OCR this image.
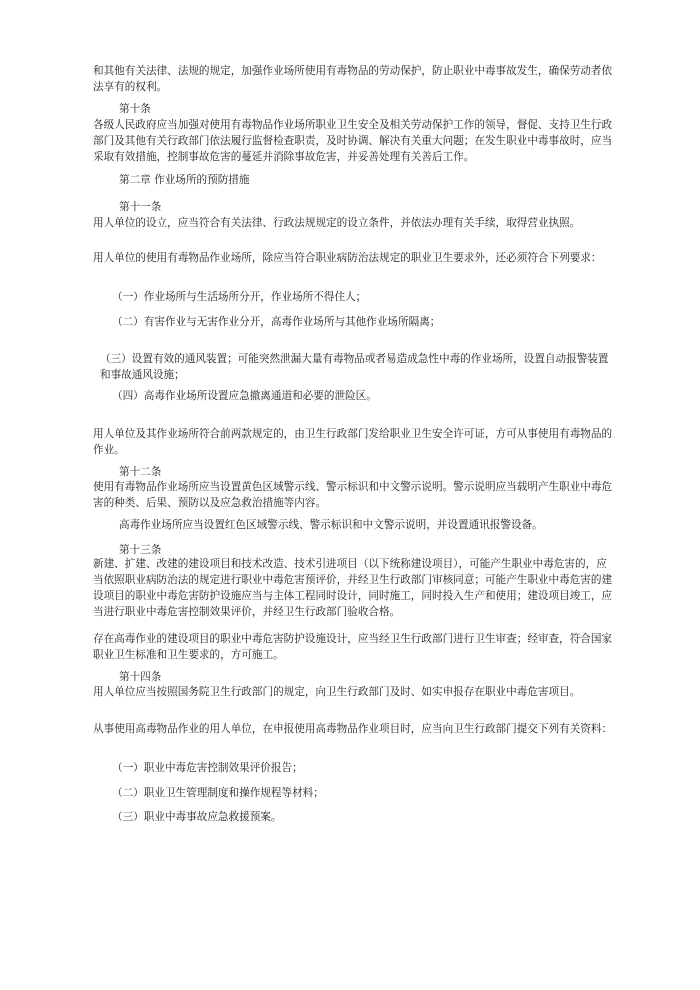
和其他有关法律、法规的规定，加强作业场所使用有毒物品的劳动保护，防止职业中毒事故发生，确保劳动者依法享有的权利。

第十条

各级人民政府应当加强对使用有毒物品作业场所职业卫生安全及相关劳动保护工作的领导，督促、支持卫生行政部门及其他有关行政部门依法履行监督检查职责，及时协调、解决有关重大问题；在发生职业中毒事故时，应当采取有效措施，控制事故危害的蔓延并消除事故危害，并妥善处理有关善后工作。

第二章 作业场所的预防措施

第十一条

用人单位的设立，应当符合有关法律、行政法规规定的设立条件，并依法办理有关手续，取得营业执照。

用人单位的使用有毒物品作业场所，除应当符合职业病防治法规定的职业卫生要求外，还必须符合下列要求：

（一）作业场所与生活场所分开，作业场所不得住人；

（二）有害作业与无害作业分开，高毒作业场所与其他作业场所隔离；

（三）设置有效的通风装置；可能突然泄漏大量有毒物品或者易造成急性中毒的作业场所，设置自动报警装置和事故通风设施；

（四）高毒作业场所设置应急撤离通道和必要的泄险区。

用人单位及其作业场所符合前两款规定的，由卫生行政部门发给职业卫生安全许可证，方可从事使用有毒物品的作业。

第十二条

使用有毒物品作业场所应当设置黄色区域警示线、警示标识和中文警示说明。警示说明应当载明产生职业中毒危害的种类、后果、预防以及应急救治措施等内容。

高毒作业场所应当设置红色区域警示线、警示标识和中文警示说明，并设置通讯报警设备。

第十三条

新建、扩建、改建的建设项目和技术改造、技术引进项目（以下统称建设项目），可能产生职业中毒危害的，应当依照职业病防治法的规定进行职业中毒危害预评价，并经卫生行政部门审核同意；可能产生职业中毒危害的建设项目的职业中毒危害防护设施应当与主体工程同时设计，同时施工，同时投入生产和使用；建设项目竣工，应当进行职业中毒危害控制效果评价，并经卫生行政部门验收合格。

存在高毒作业的建设项目的职业中毒危害防护设施设计，应当经卫生行政部门进行卫生审查；经审查，符合国家职业卫生标准和卫生要求的，方可施工。

第十四条

用人单位应当按照国务院卫生行政部门的规定，向卫生行政部门及时、如实申报存在职业中毒危害项目。

从事使用高毒物品作业的用人单位，在申报使用高毒物品作业项目时，应当向卫生行政部门提交下列有关资料：

（一）职业中毒危害控制效果评价报告；

（二）职业卫生管理制度和操作规程等材料；

（三）职业中毒事故应急救援预案。
